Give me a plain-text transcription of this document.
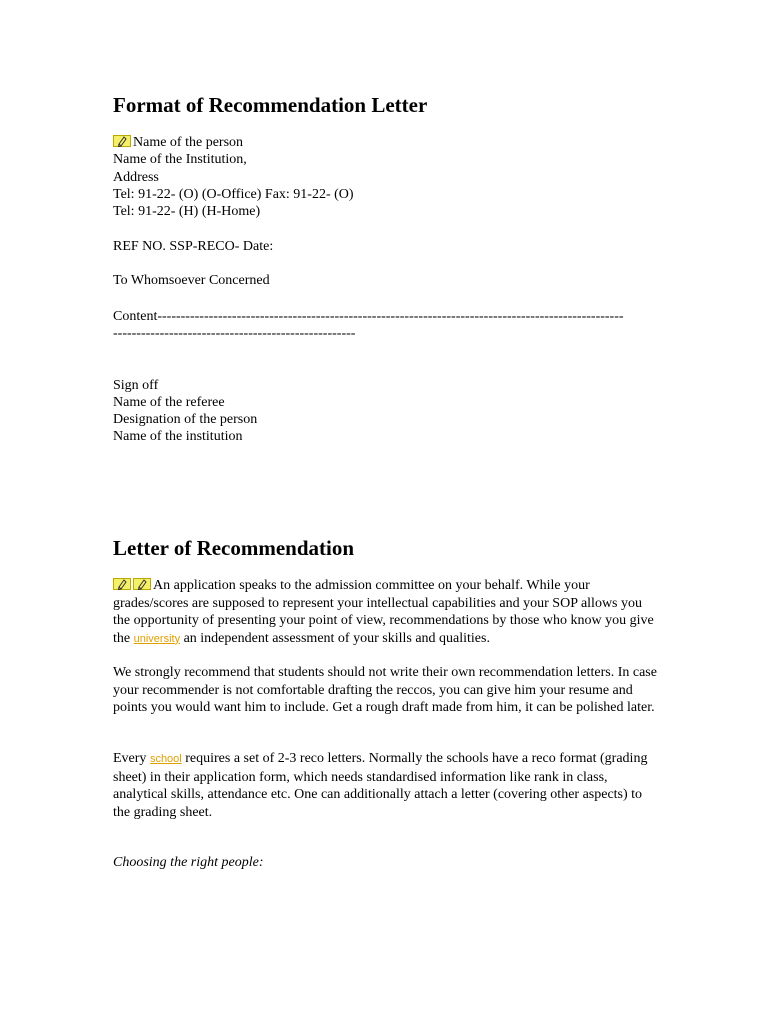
Format of Recommendation Letter
Name of the person
Name of the Institution,
Address
Tel: 91-22- (O) (O-Office) Fax: 91-22- (O)
Tel: 91-22- (H) (H-Home)
REF NO. SSP-RECO- Date:
To Whomsoever Concerned
Content----------------------------------------------------------------------------------------------------
----------------------------------------------------
Sign off
Name of the referee
Designation of the person
Name of the institution
Letter of Recommendation
An application speaks to the admission committee on your behalf. While your grades/scores are supposed to represent your intellectual capabilities and your SOP allows you the opportunity of presenting your point of view, recommendations by those who know you give the university an independent assessment of your skills and qualities.
We strongly recommend that students should not write their own recommendation letters. In case your recommender is not comfortable drafting the reccos, you can give him your resume and points you would want him to include. Get a rough draft made from him, it can be polished later.
Every school requires a set of 2-3 reco letters. Normally the schools have a reco format (grading sheet) in their application form, which needs standardised information like rank in class, analytical skills, attendance etc. One can additionally attach a letter (covering other aspects) to the grading sheet.
Choosing the right people:
